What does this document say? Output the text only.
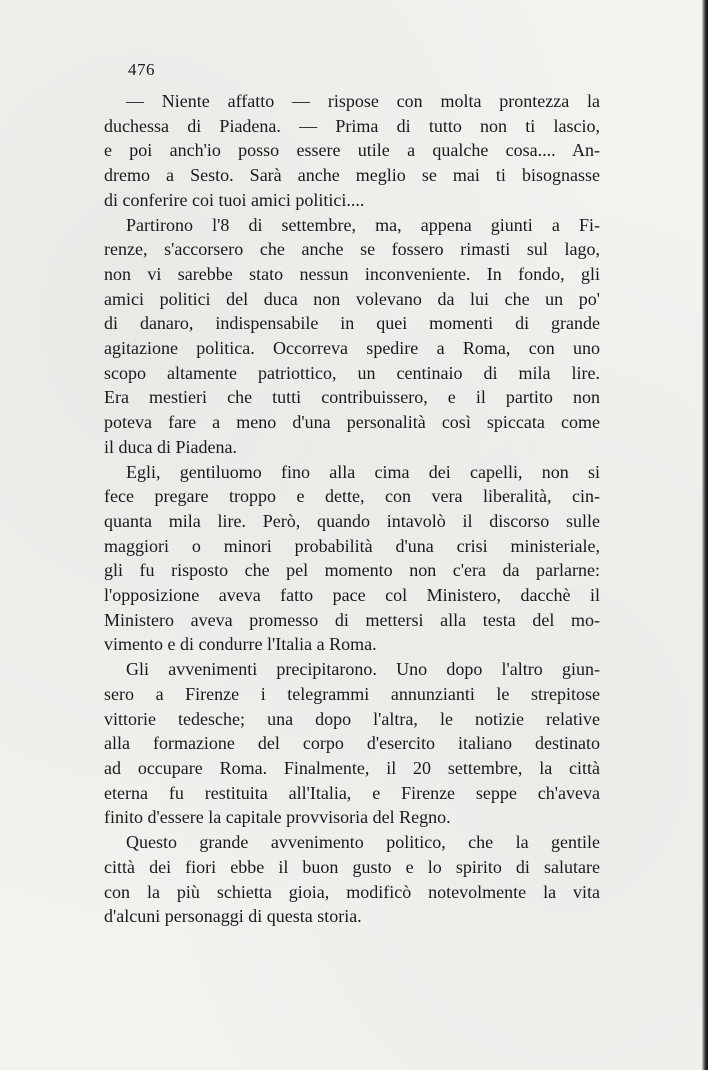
476

— Niente affatto — rispose con molta prontezza la
duchessa di Piadena. — Prima di tutto non ti lascio,
e poi anch'io posso essere utile a qualche cosa.... An-
dremo a Sesto. Sarà anche meglio se mai ti bisognasse
di conferire coi tuoi amici politici....

Partirono l'8 di settembre, ma, appena giunti a Fi-
renze, s'accorsero che anche se fossero rimasti sul lago,
non vi sarebbe stato nessun inconveniente. In fondo, gli
amici politici del duca non volevano da lui che un po'
di danaro, indispensabile in quei momenti di grande
agitazione politica. Occorreva spedire a Roma, con uno
scopo altamente patriottico, un centinaio di mila lire.
Era mestieri che tutti contribuissero, e il partito non
poteva fare a meno d'una personalità così spiccata come
il duca di Piadena.

Egli, gentiluomo fino alla cima dei capelli, non si
fece pregare troppo e dette, con vera liberalità, cin-
quanta mila lire. Però, quando intavolò il discorso sulle
maggiori o minori probabilità d'una crisi ministeriale,
gli fu risposto che pel momento non c'era da parlarne:
l'opposizione aveva fatto pace col Ministero, dacchè il
Ministero aveva promesso di mettersi alla testa del mo-
vimento e di condurre l'Italia a Roma.

Gli avvenimenti precipitarono. Uno dopo l'altro giun-
sero a Firenze i telegrammi annunzianti le strepitose
vittorie tedesche; una dopo l'altra, le notizie relative
alla formazione del corpo d'esercito italiano destinato
ad occupare Roma. Finalmente, il 20 settembre, la città
eterna fu restituita all'Italia, e Firenze seppe ch'aveva
finito d'essere la capitale provvisoria del Regno.

Questo grande avvenimento politico, che la gentile
città dei fiori ebbe il buon gusto e lo spirito di salutare
con la più schietta gioia, modificò notevolmente la vita
d'alcuni personaggi di questa storia.
